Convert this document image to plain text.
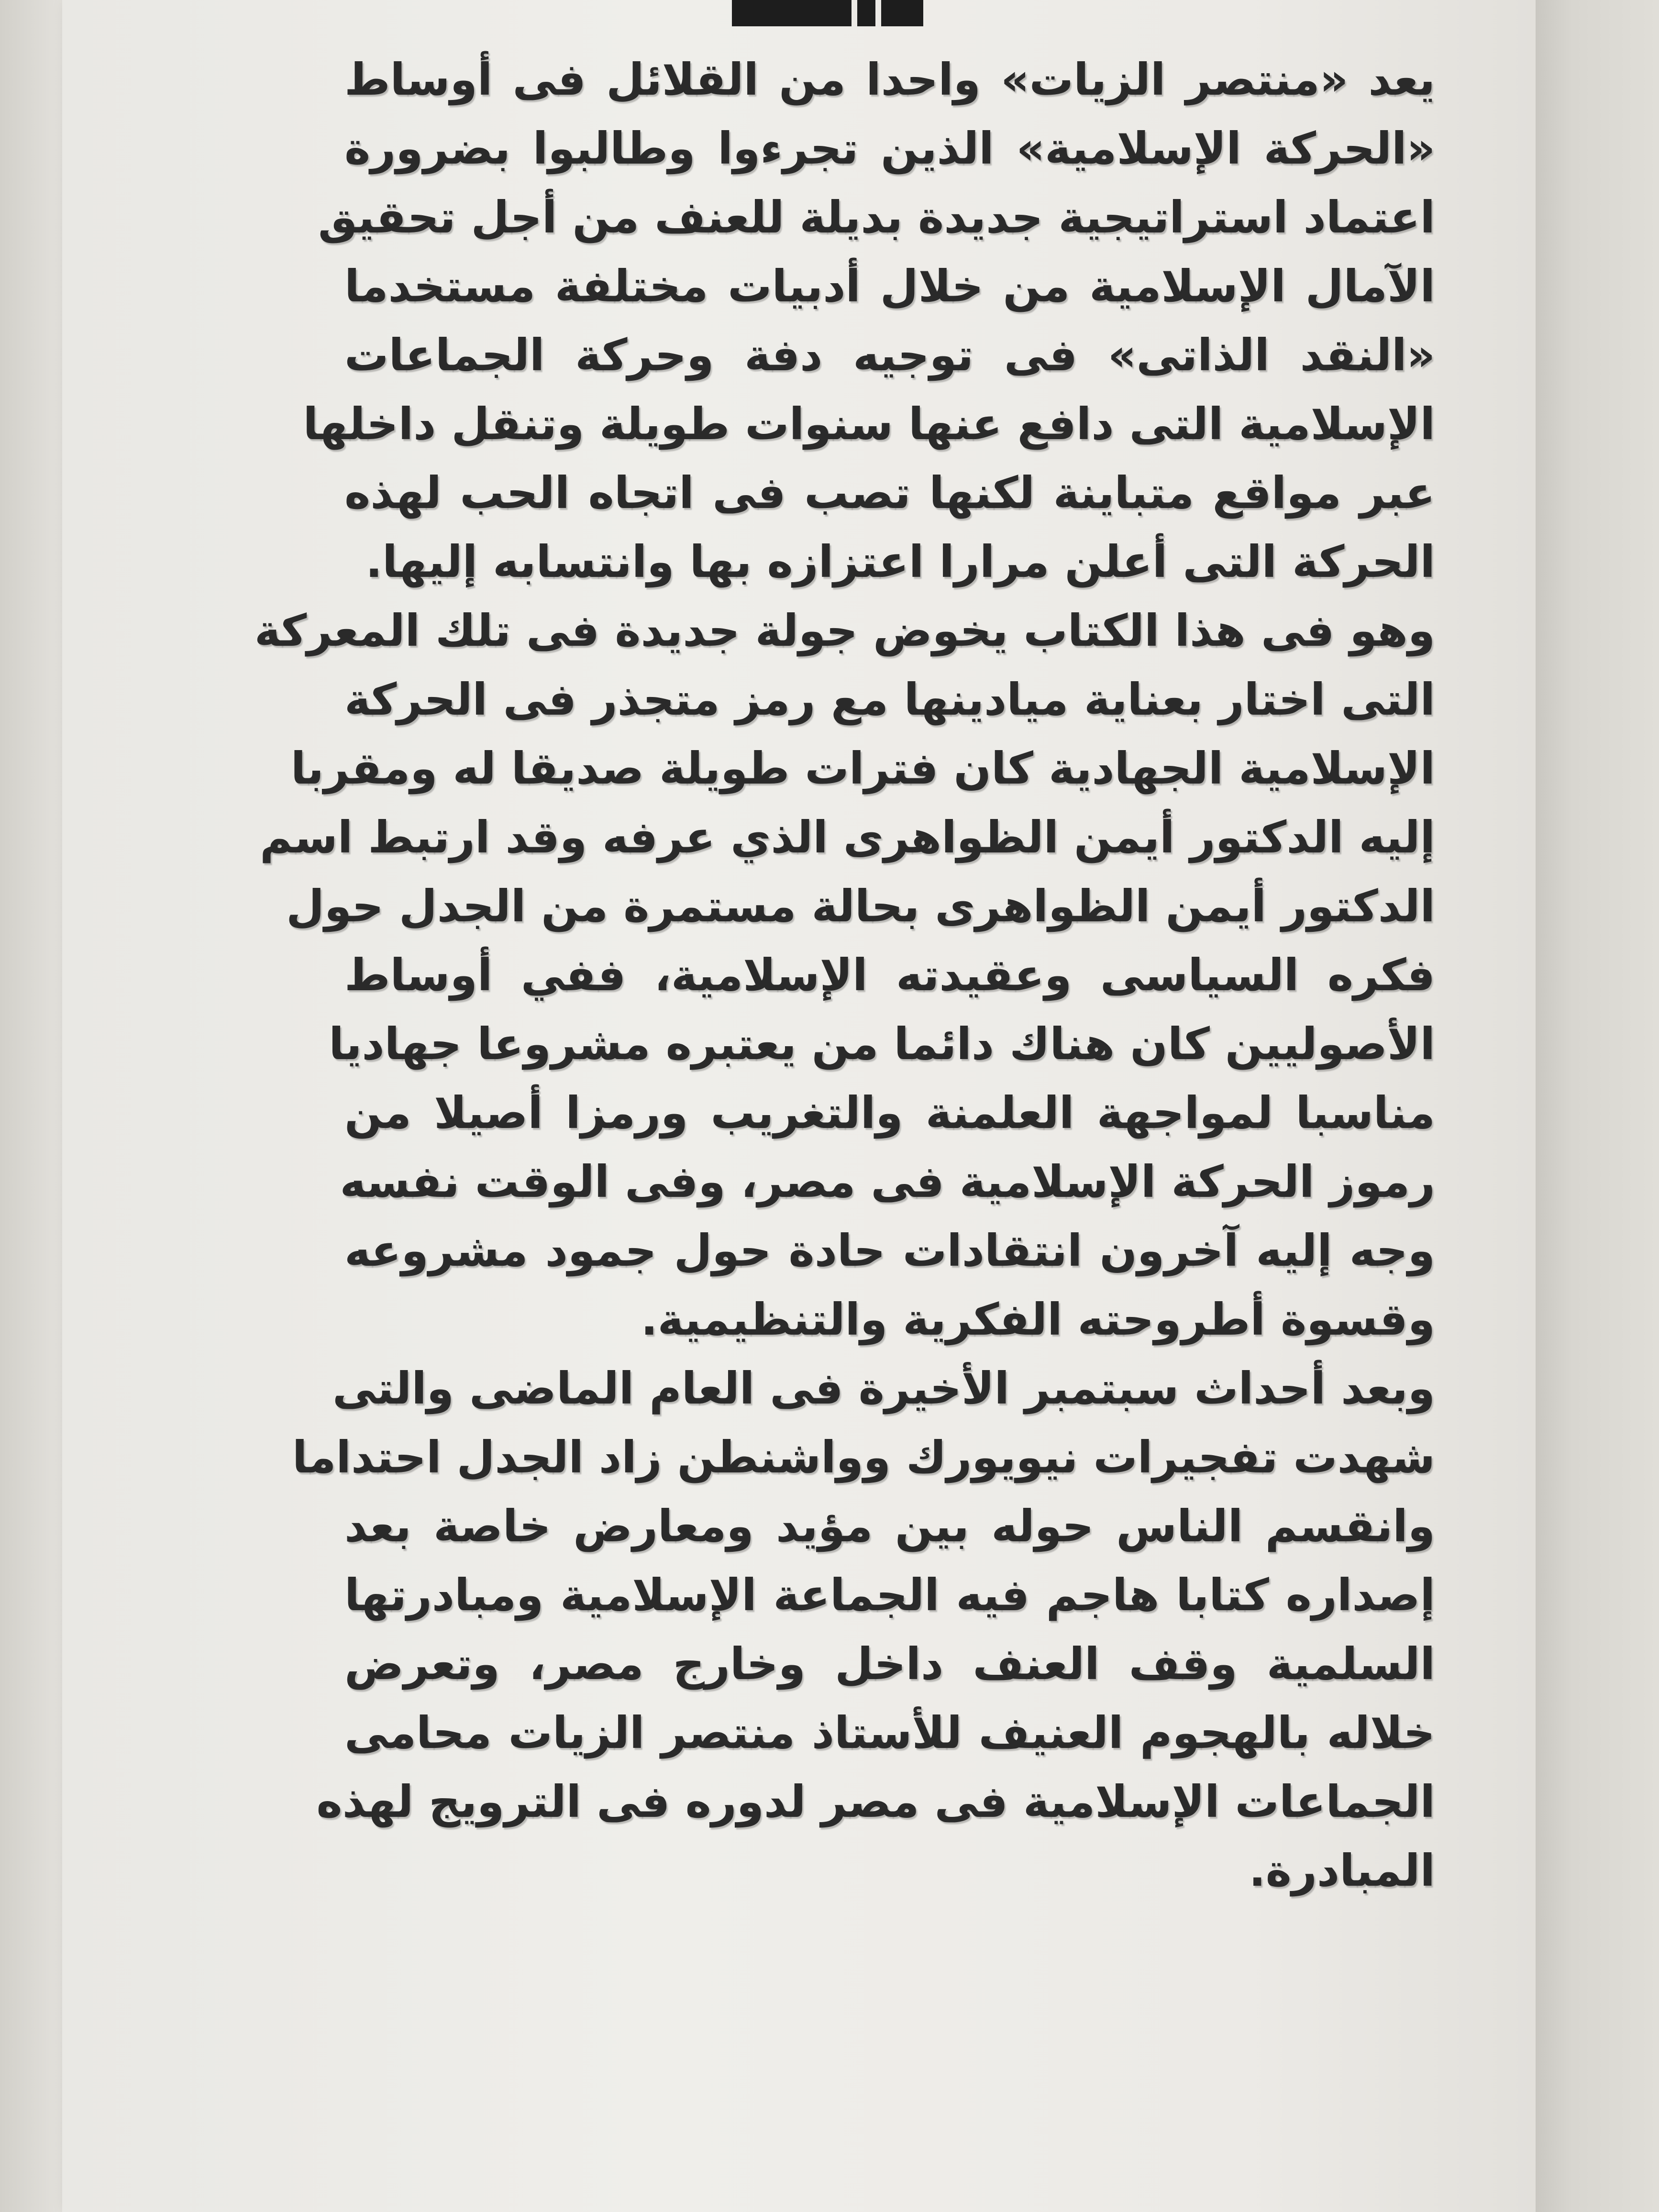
يعد «منتصر الزيات» واحدا من القلائل فى أوساط
«الحركة الإسلامية» الذين تجرءوا وطالبوا بضرورة
اعتماد استراتيجية جديدة بديلة للعنف من أجل تحقيق
الآمال الإسلامية من خلال أدبيات مختلفة مستخدما
«النقد الذاتى» فى توجيه دفة وحركة الجماعات
الإسلامية التى دافع عنها سنوات طويلة وتنقل داخلها
عبر مواقع متباينة لكنها تصب فى اتجاه الحب لهذه
الحركة التى أعلن مرارا اعتزازه بها وانتسابه إليها.
وهو فى هذا الكتاب يخوض جولة جديدة فى تلك المعركة
التى اختار بعناية ميادينها مع رمز متجذر فى الحركة
الإسلامية الجهادية كان فترات طويلة صديقا له ومقربا
إليه الدكتور أيمن الظواهرى الذي عرفه وقد ارتبط اسم
الدكتور أيمن الظواهرى بحالة مستمرة من الجدل حول
فكره السياسى وعقيدته الإسلامية، ففي أوساط
الأصوليين كان هناك دائما من يعتبره مشروعا جهاديا
مناسبا لمواجهة العلمنة والتغريب ورمزا أصيلا من
رموز الحركة الإسلامية فى مصر، وفى الوقت نفسه
وجه إليه آخرون انتقادات حادة حول جمود مشروعه
وقسوة أطروحته الفكرية والتنظيمية.
وبعد أحداث سبتمبر الأخيرة فى العام الماضى والتى
شهدت تفجيرات نيويورك وواشنطن زاد الجدل احتداما
وانقسم الناس حوله بين مؤيد ومعارض خاصة بعد
إصداره كتابا هاجم فيه الجماعة الإسلامية ومبادرتها
السلمية وقف العنف داخل وخارج مصر، وتعرض
خلاله بالهجوم العنيف للأستاذ منتصر الزيات محامى
الجماعات الإسلامية فى مصر لدوره فى الترويج لهذه
المبادرة.
